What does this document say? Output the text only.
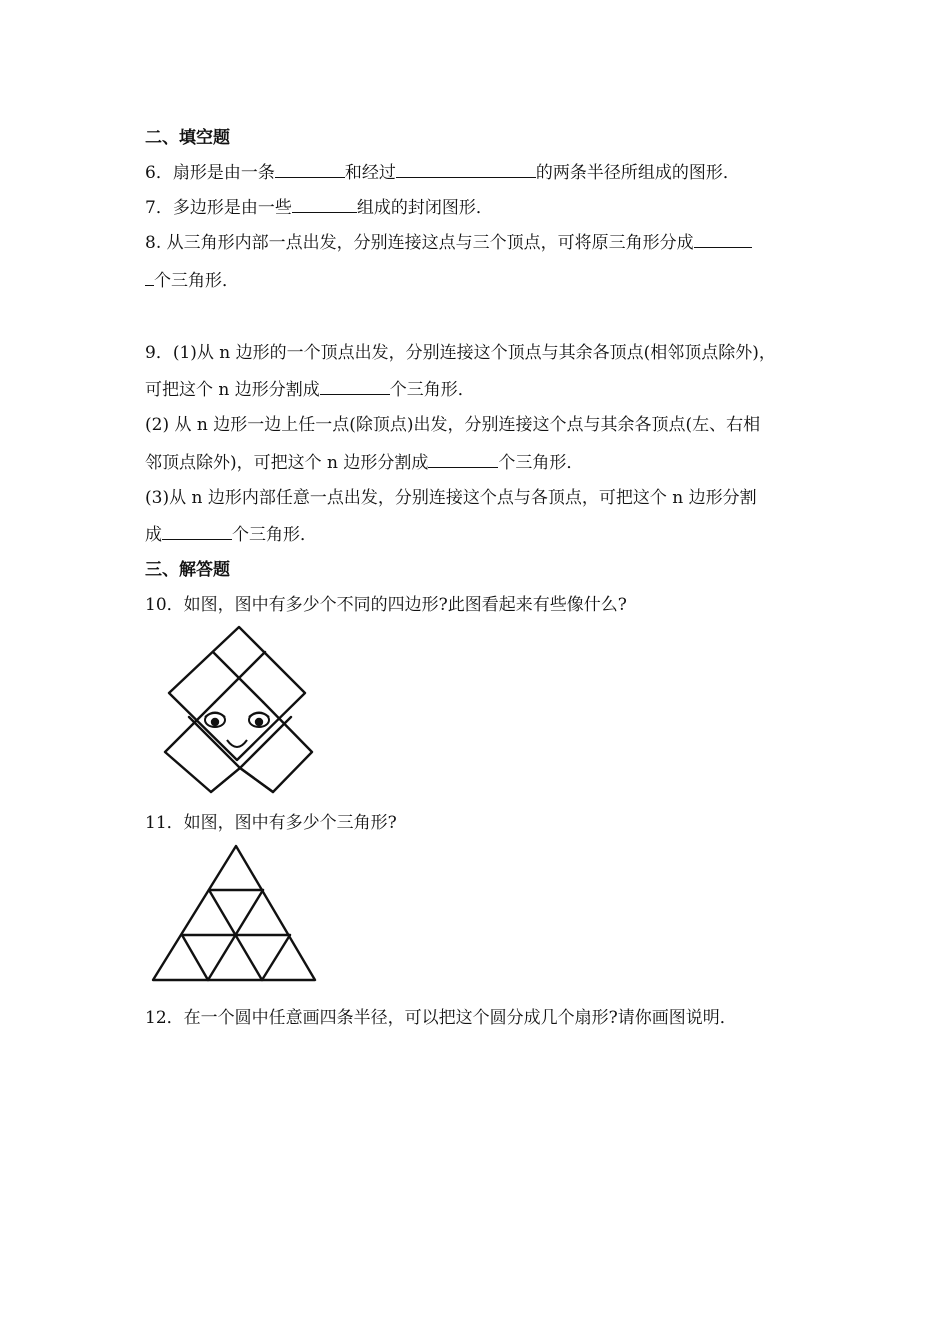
二、填空题
6．扇形是由一条	和经过	的两条半径所组成的图形．
7．多边形是由一些	组成的封闭图形．
8. 从三角形内部一点出发，分别连接这点与三个顶点，可将原三角形分成
个三角形．
9．(1)从 n 边形的一个顶点出发，分别连接这个顶点与其余各顶点(相邻顶点除外)，
可把这个 n 边形分割成	个三角形．
(2) 从 n 边形一边上任一点(除顶点)出发，分别连接这个点与其余各顶点(左、右相
邻顶点除外)，可把这个 n 边形分割成	个三角形．
(3)从 n 边形内部任意一点出发，分别连接这个点与各顶点，可把这个 n 边形分割
成	个三角形．
三、解答题
10．如图，图中有多少个不同的四边形?此图看起来有些像什么?
11．如图，图中有多少个三角形?
12．在一个圆中任意画四条半径，可以把这个圆分成几个扇形?请你画图说明．
